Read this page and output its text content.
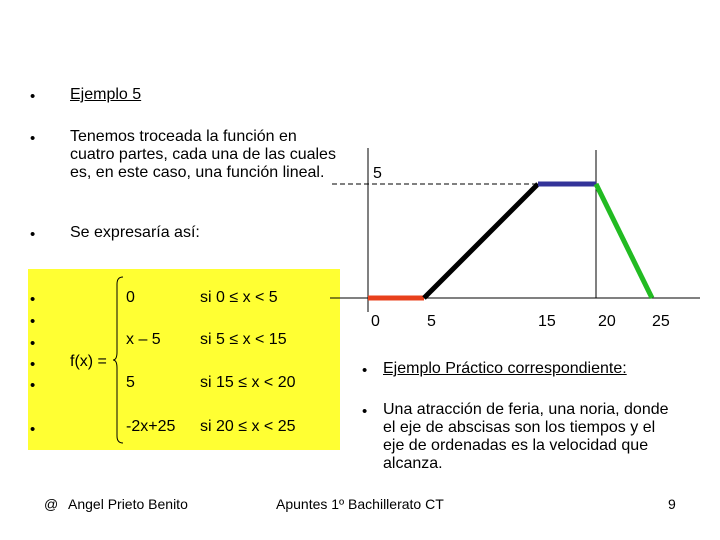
• Ejemplo 5
• Tenemos troceada la función en cuatro partes, cada una de las cuales es, en este caso, una función lineal.
• Se expresaría así:
•
•
•
•
•
•
f(x) =
0	si 0 ≤ x < 5
x – 5 si 5 ≤ x < 15
5	si 15 ≤ x < 20
-2x+25 si 20 ≤ x < 25
5
0	5	15	20 25
• Ejemplo Práctico correspondiente:
• Una atracción de feria, una noria, donde el eje de abscisas son los tiempos y el eje de ordenadas es la velocidad que alcanza.
@ Angel Prieto Benito	Apuntes 1º Bachillerato CT	9
